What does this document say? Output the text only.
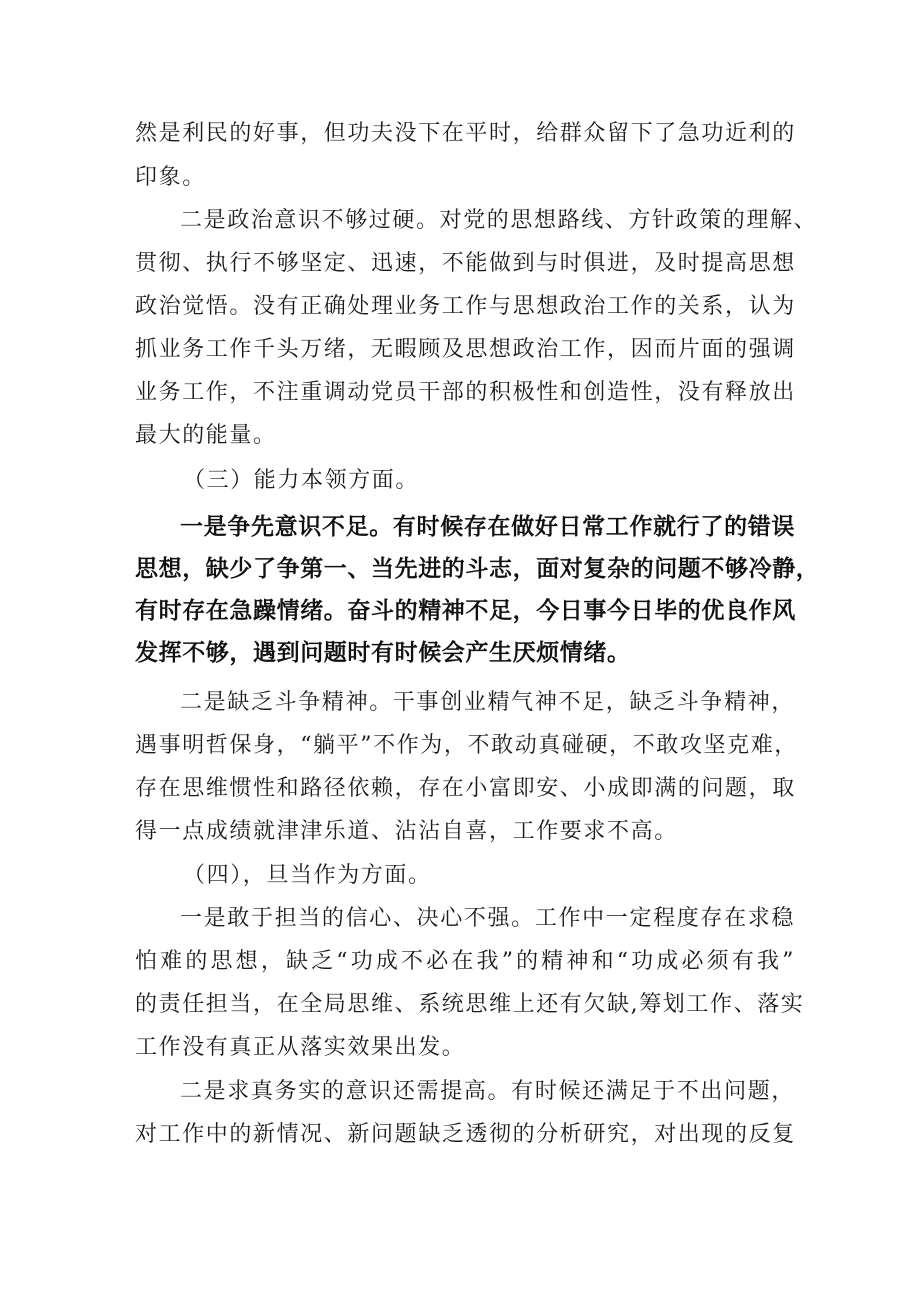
然是利民的好事，但功夫没下在平时，给群众留下了急功近利的
印象。
二是政治意识不够过硬。对党的思想路线、方针政策的理解、
贯彻、执行不够坚定、迅速，不能做到与时俱进，及时提高思想
政治觉悟。没有正确处理业务工作与思想政治工作的关系，认为
抓业务工作千头万绪，无暇顾及思想政治工作，因而片面的强调
业务工作，不注重调动党员干部的积极性和创造性，没有释放出
最大的能量。
（三）能力本领方面。
一是争先意识不足。有时候存在做好日常工作就行了的错误
思想，缺少了争第一、当先进的斗志，面对复杂的问题不够冷静，
有时存在急躁情绪。奋斗的精神不足，今日事今日毕的优良作风
发挥不够，遇到问题时有时候会产生厌烦情绪。
二是缺乏斗争精神。干事创业精气神不足，缺乏斗争精神，
遇事明哲保身，“躺平”不作为，不敢动真碰硬，不敢攻坚克难，
存在思维惯性和路径依赖，存在小富即安、小成即满的问题，取
得一点成绩就津津乐道、沾沾自喜，工作要求不高。
（四），旦当作为方面。
一是敢于担当的信心、决心不强。工作中一定程度存在求稳
怕难的思想，缺乏“功成不必在我”的精神和“功成必须有我”
的责任担当，在全局思维、系统思维上还有欠缺,筹划工作、落实
工作没有真正从落实效果出发。
二是求真务实的意识还需提高。有时候还满足于不出问题，
对工作中的新情况、新问题缺乏透彻的分析研究，对出现的反复
